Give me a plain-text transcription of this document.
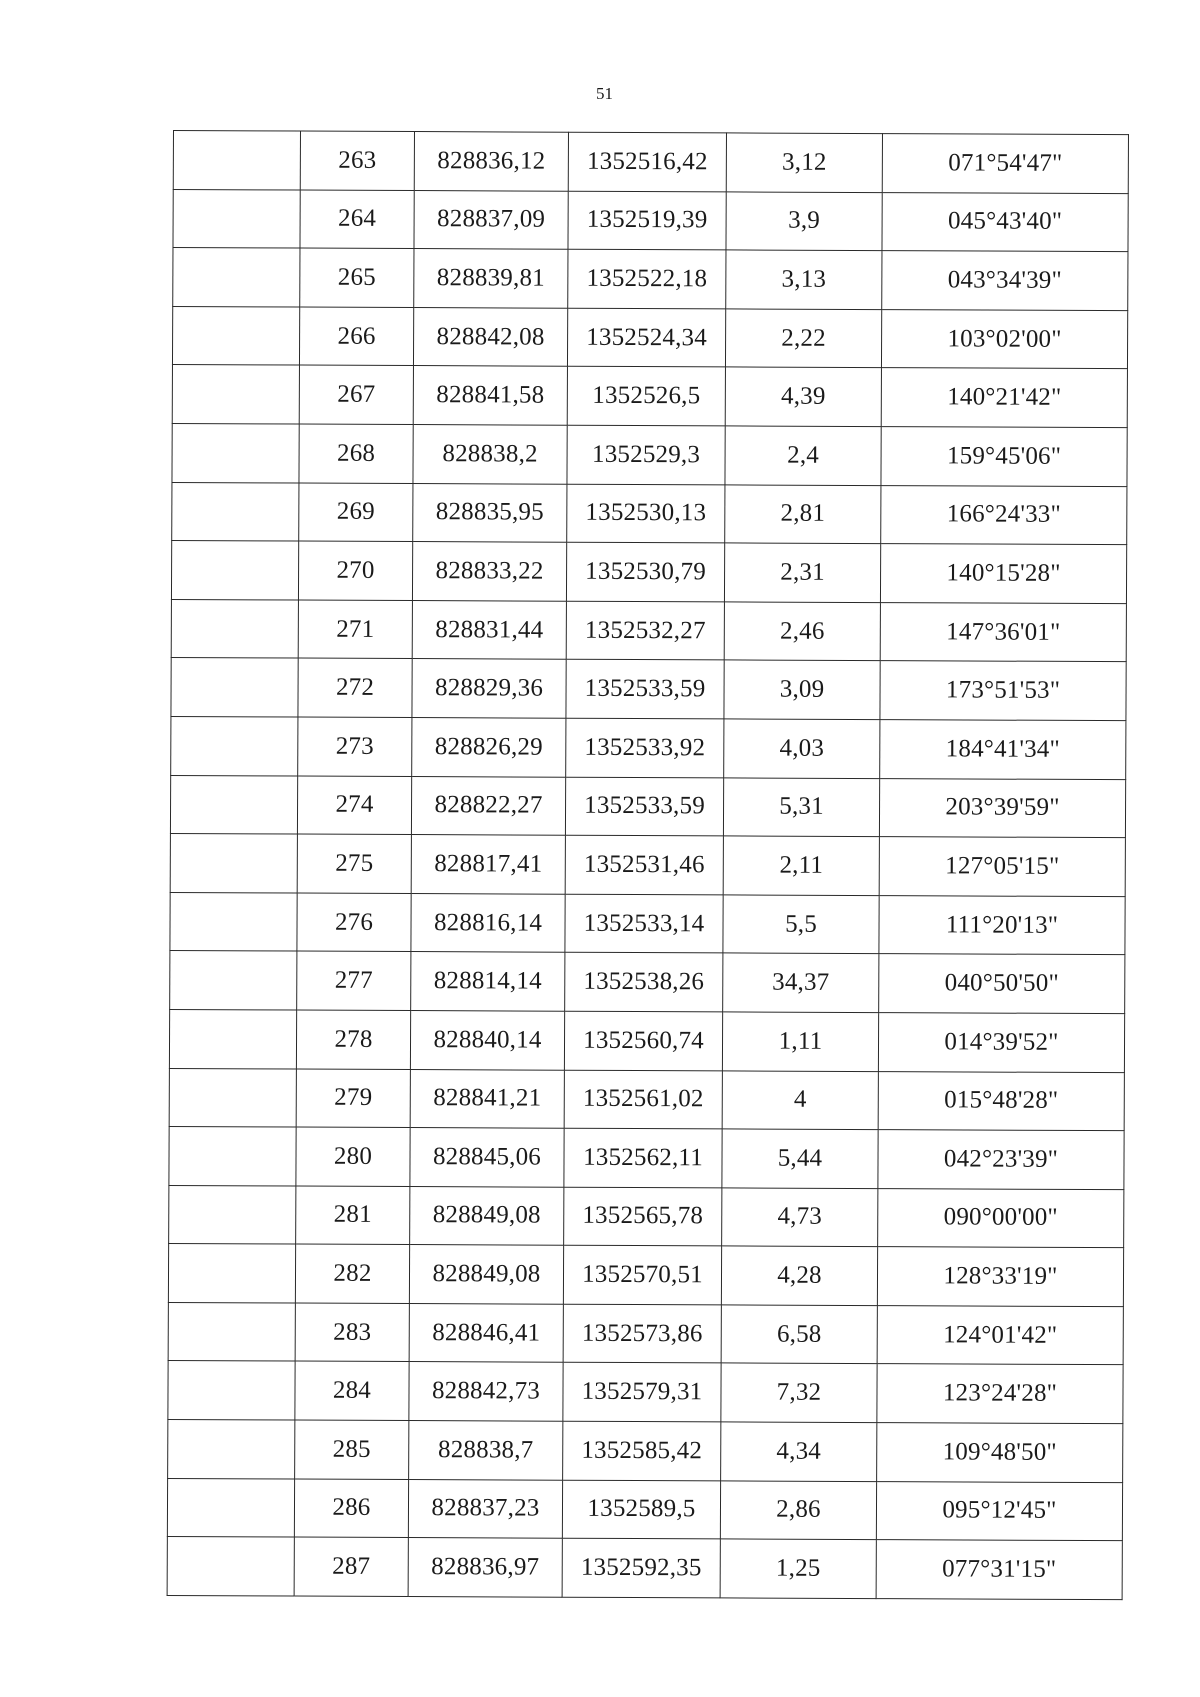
51
	263	828836,12	1352516,42	3,12	071°54'47"
	264	828837,09	1352519,39	3,9	045°43'40"
	265	828839,81	1352522,18	3,13	043°34'39"
	266	828842,08	1352524,34	2,22	103°02'00"
	267	828841,58	1352526,5	4,39	140°21'42"
	268	828838,2	1352529,3	2,4	159°45'06"
	269	828835,95	1352530,13	2,81	166°24'33"
	270	828833,22	1352530,79	2,31	140°15'28"
	271	828831,44	1352532,27	2,46	147°36'01"
	272	828829,36	1352533,59	3,09	173°51'53"
	273	828826,29	1352533,92	4,03	184°41'34"
	274	828822,27	1352533,59	5,31	203°39'59"
	275	828817,41	1352531,46	2,11	127°05'15"
	276	828816,14	1352533,14	5,5	111°20'13"
	277	828814,14	1352538,26	34,37	040°50'50"
	278	828840,14	1352560,74	1,11	014°39'52"
	279	828841,21	1352561,02	4	015°48'28"
	280	828845,06	1352562,11	5,44	042°23'39"
	281	828849,08	1352565,78	4,73	090°00'00"
	282	828849,08	1352570,51	4,28	128°33'19"
	283	828846,41	1352573,86	6,58	124°01'42"
	284	828842,73	1352579,31	7,32	123°24'28"
	285	828838,7	1352585,42	4,34	109°48'50"
	286	828837,23	1352589,5	2,86	095°12'45"
	287	828836,97	1352592,35	1,25	077°31'15"
